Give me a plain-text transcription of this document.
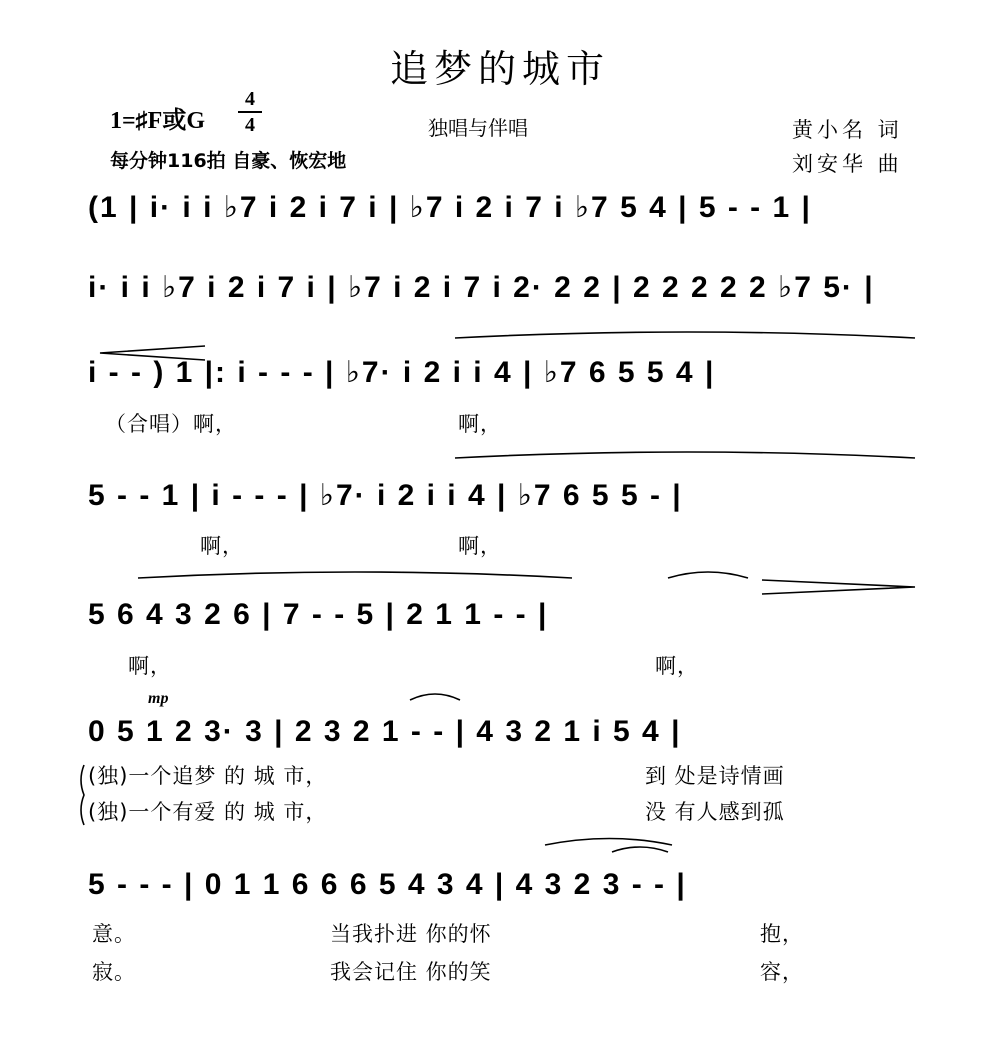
追梦的城市
1=♯F或G
4
4	独唱与伴唱
每分钟116拍 自豪、恢宏地
黄小名 词
刘安华 曲
(1 | i· i i ♭7 i 2 i 7 i | ♭7 i 2 i 7 i ♭7 5 4 | 5 - - 1 |
i· i i ♭7 i 2 i 7 i | ♭7 i 2 i 7 i 2· 2 2 | 2 2 2 2 2 ♭7 5· |
i - - ) 1 |: i - - - | ♭7· i 2 i i 4 | ♭7 6 5 5 4 |
（合唱）啊，	啊，
5 - - 1 | i - - - | ♭7· i 2 i i 4 | ♭7 6 5 5 - |
啊，	啊，
5 6 4 3 2 6 | 7 - - 5 | 2 1 1 - - |
啊，	啊，
mp
0 5 1 2 3· 3 | 2 3 2 1 - - | 4 3 2 1 i 5 4 |
(独)一个追梦 的 城 市，	到 处是诗情画
(独)一个有爱 的 城 市，	没 有人感到孤
5 - - - | 0 1 1 6 6 6 5 4 3 4 | 4 3 2 3 - - |
意。	当我扑进 你的怀	抱，
寂。	我会记住 你的笑	容，
